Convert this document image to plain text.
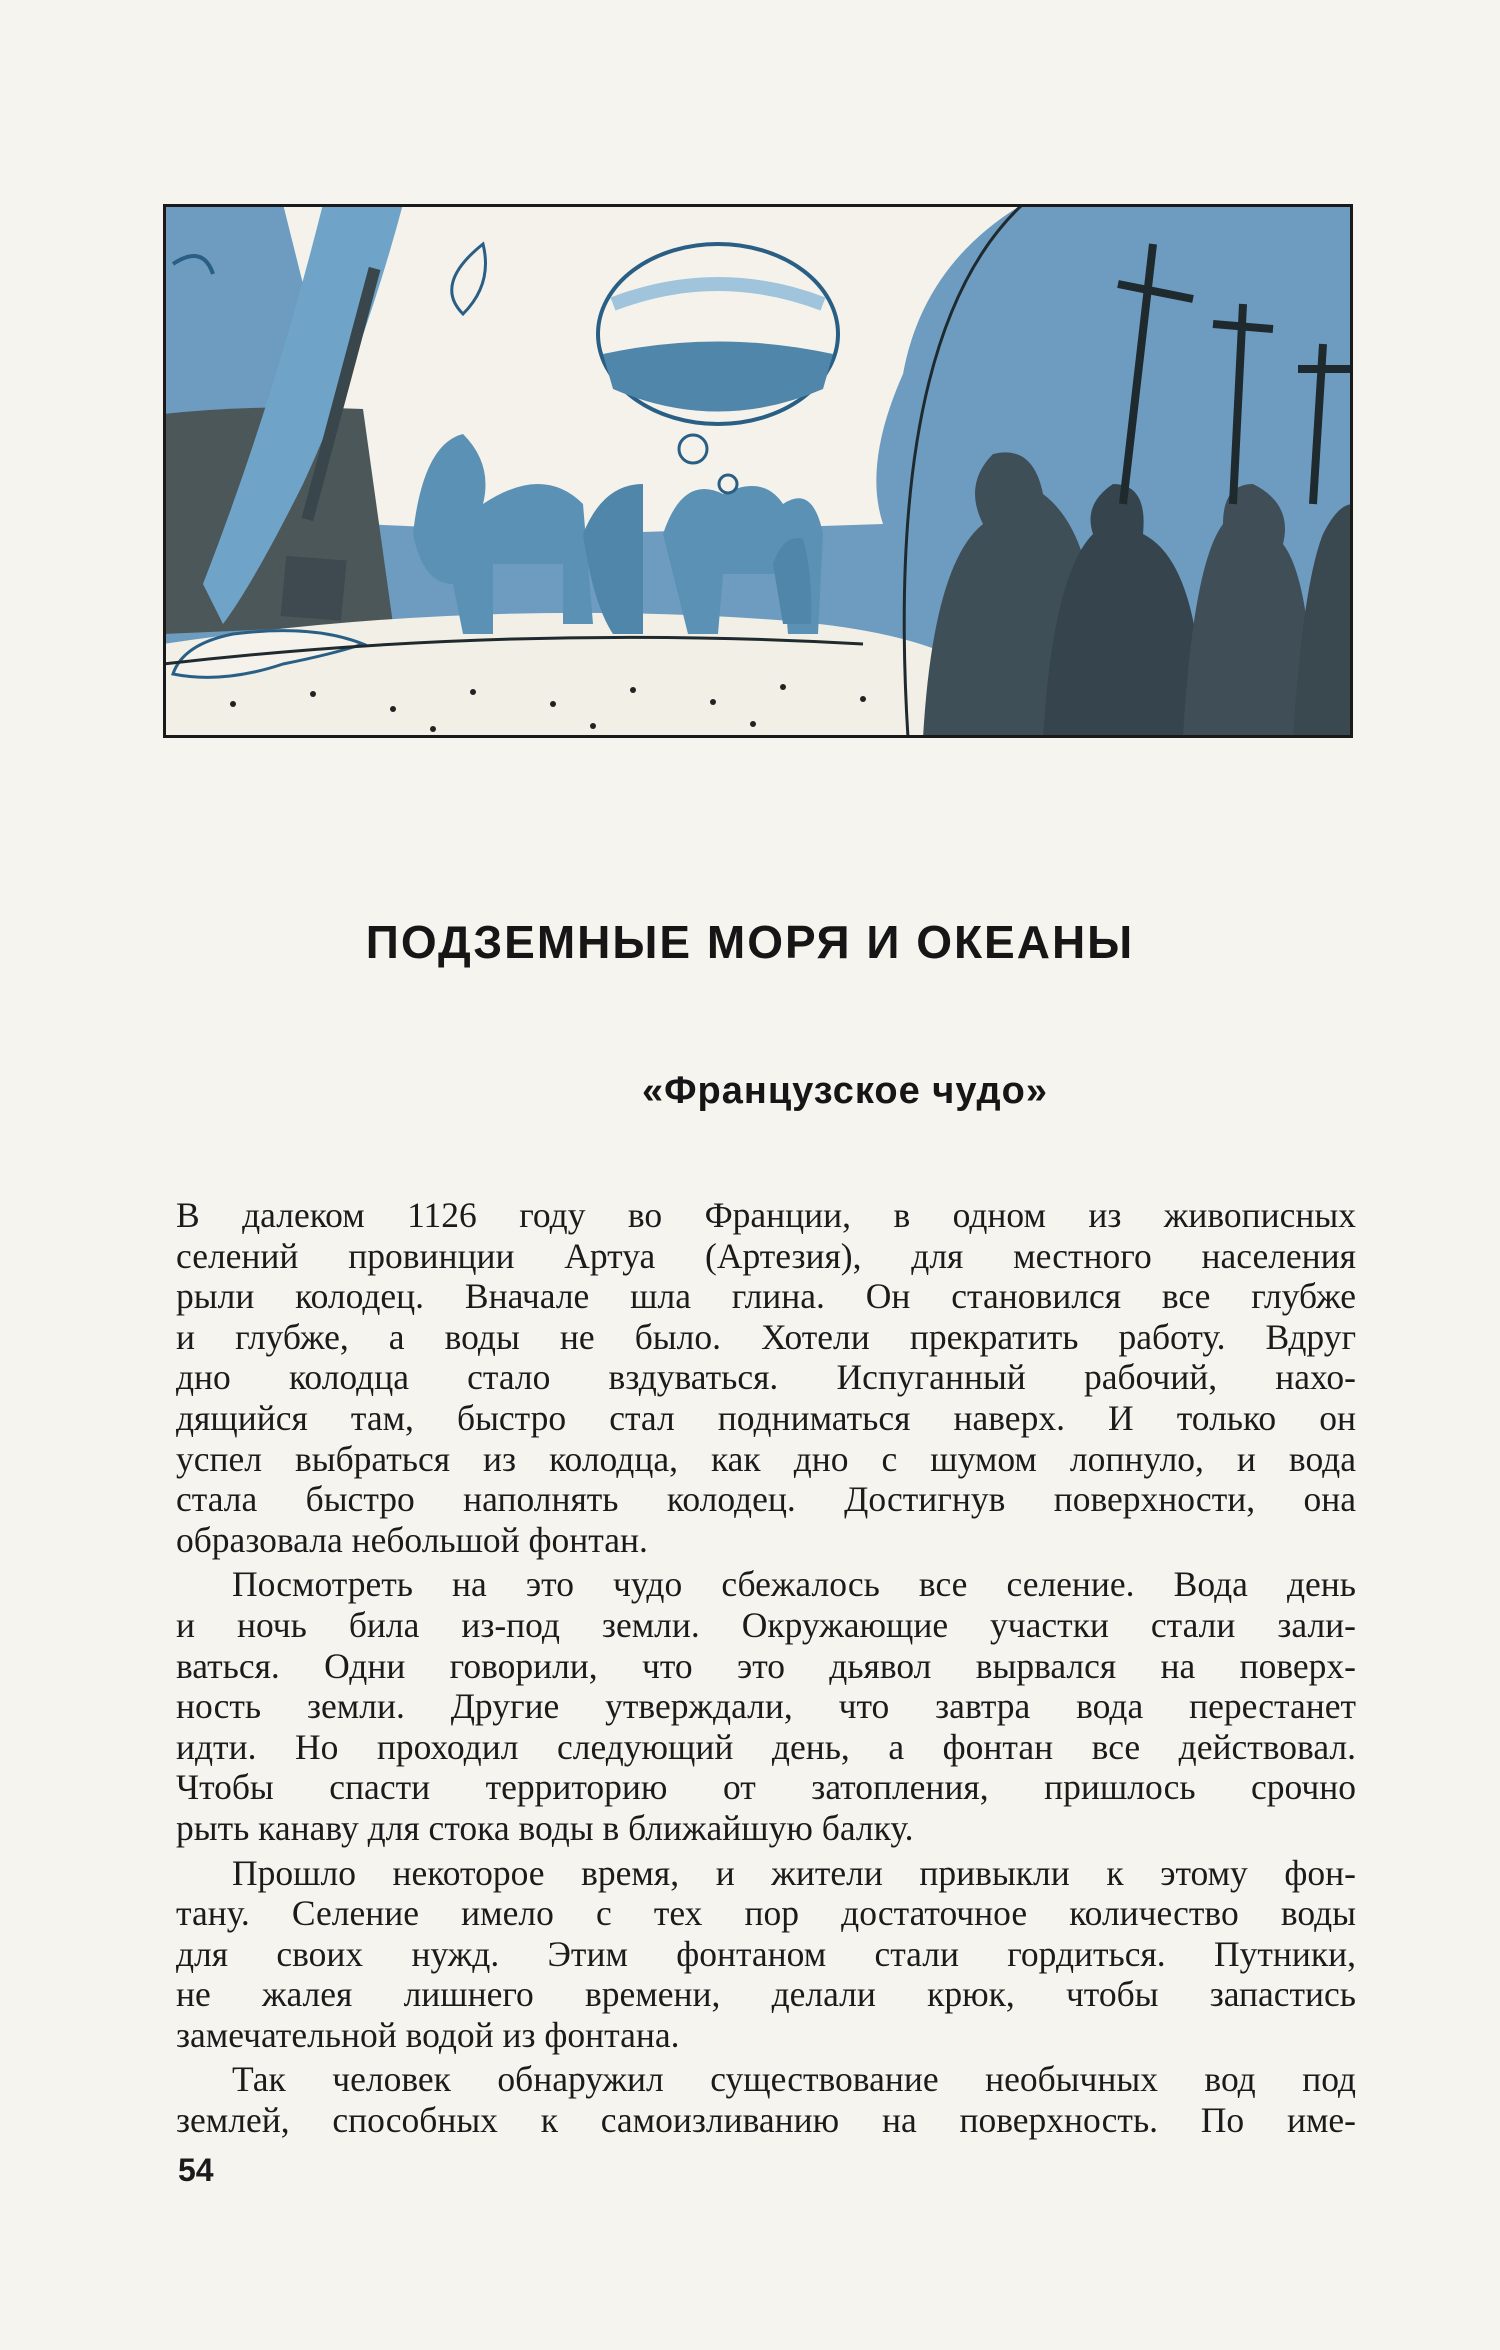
ПОДЗЕМНЫЕ МОРЯ И ОКЕАНЫ
«Французское чудо»
В далеком 1126 году во Франции, в одном из живописных
селений провинции Артуа (Артезия), для местного населения
рыли колодец. Вначале шла глина. Он становился все глубже
и глубже, а воды не было. Хотели прекратить работу. Вдруг
дно колодца стало вздуваться. Испуганный рабочий, нахо-
дящийся там, быстро стал подниматься наверх. И только он
успел выбраться из колодца, как дно с шумом лопнуло, и вода
стала быстро наполнять колодец. Достигнув поверхности, она
образовала небольшой фонтан.
Посмотреть на это чудо сбежалось все селение. Вода день
и ночь била из-под земли. Окружающие участки стали зали-
ваться. Одни говорили, что это дьявол вырвался на поверх-
ность земли. Другие утверждали, что завтра вода перестанет
идти. Но проходил следующий день, а фонтан все действовал.
Чтобы спасти территорию от затопления, пришлось срочно
рыть канаву для стока воды в ближайшую балку.
Прошло некоторое время, и жители привыкли к этому фон-
тану. Селение имело с тех пор достаточное количество воды
для своих нужд. Этим фонтаном стали гордиться. Путники,
не жалея лишнего времени, делали крюк, чтобы запастись
замечательной водой из фонтана.
Так человек обнаружил существование необычных вод под
землей, способных к самоизливанию на поверхность. По име-
54
